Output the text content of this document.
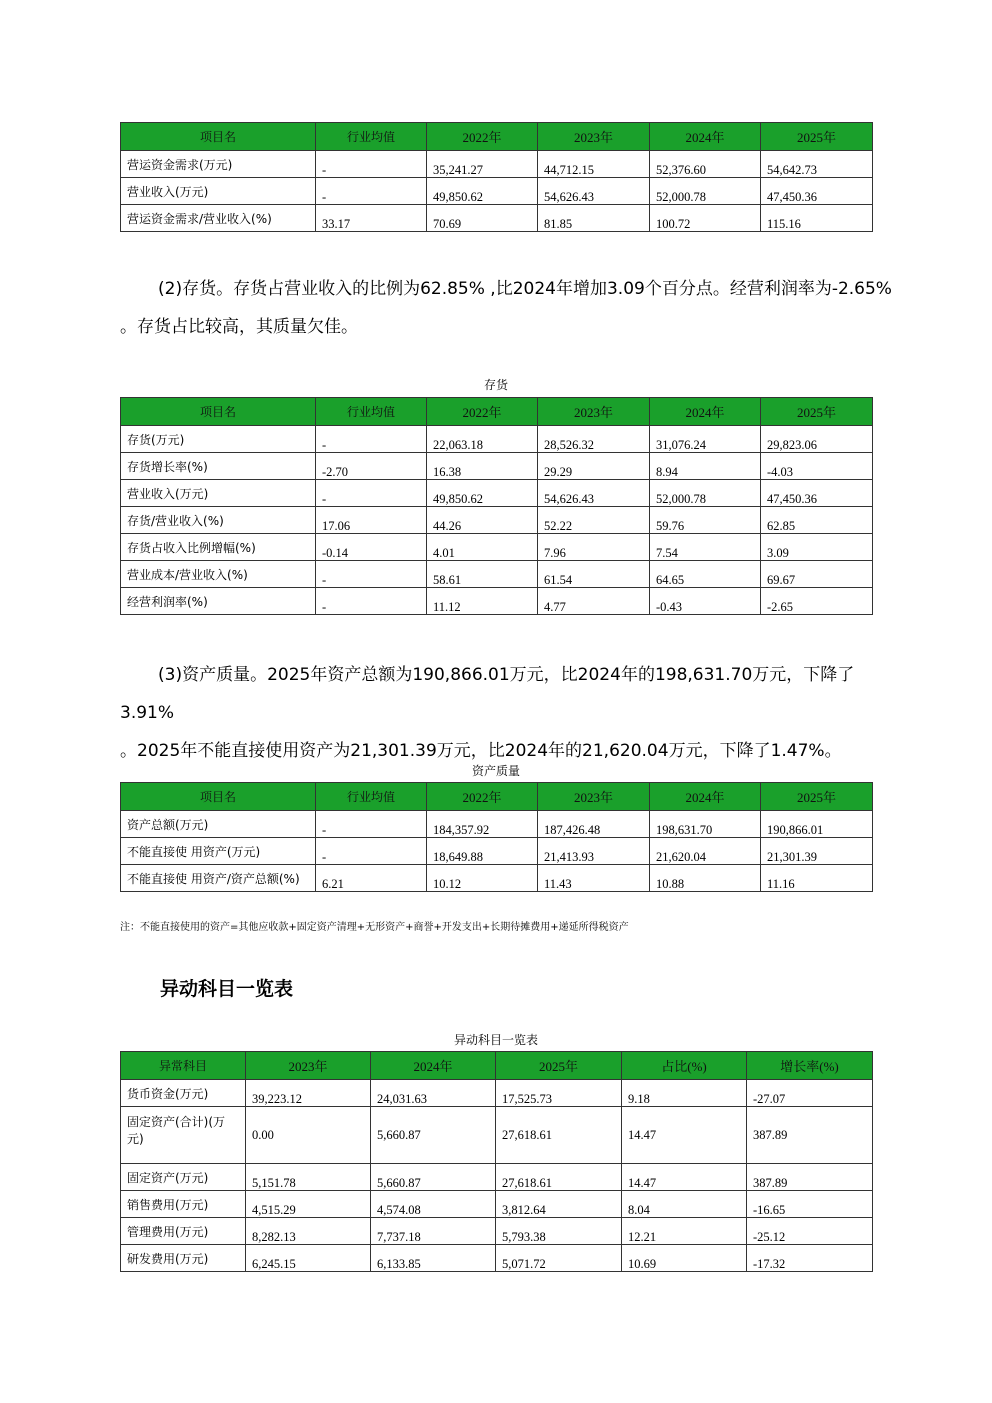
项目名	行业均值	2022年	2023年	2024年	2025年
营运资金需求(万元)	-	35,241.27	44,712.15	52,376.60	54,642.73
营业收入(万元)	-	49,850.62	54,626.43	52,000.78	47,450.36
营运资金需求/营业收入(%)	33.17	70.69	81.85	100.72	115.16
(2)存货。存货占营业收入的比例为62.85% ,比2024年增加3.09个百分点。经营利润率为-2.65%
。存货占比较高，其质量欠佳。
存货
项目名	行业均值	2022年	2023年	2024年	2025年
存货(万元)	-	22,063.18	28,526.32	31,076.24	29,823.06
存货增长率(%)	-2.70	16.38	29.29	8.94	-4.03
营业收入(万元)	-	49,850.62	54,626.43	52,000.78	47,450.36
存货/营业收入(%)	17.06	44.26	52.22	59.76	62.85
存货占收入比例增幅(%)	-0.14	4.01	7.96	7.54	3.09
营业成本/营业收入(%)	-	58.61	61.54	64.65	69.67
经营利润率(%)	-	11.12	4.77	-0.43	-2.65
(3)资产质量。2025年资产总额为190,866.01万元，比2024年的198,631.70万元，下降了3.91%
。2025年不能直接使用资产为21,301.39万元，比2024年的21,620.04万元，下降了1.47%。
资产质量
项目名	行业均值	2022年	2023年	2024年	2025年
资产总额(万元)	-	184,357.92	187,426.48	198,631.70	190,866.01
不能直接使 用资产(万元)	-	18,649.88	21,413.93	21,620.04	21,301.39
不能直接使 用资产/资产总额(%)	6.21	10.12	11.43	10.88	11.16
注：不能直接使用的资产=其他应收款+固定资产清理+无形资产+商誉+开发支出+长期待摊费用+递延所得税资产
异动科目一览表
异动科目一览表
异常科目	2023年	2024年	2025年	占比(%)	增长率(%)
货币资金(万元)	39,223.12	24,031.63	17,525.73	9.18	-27.07
固定资产(合计)(万元)	0.00	5,660.87	27,618.61	14.47	387.89
固定资产(万元)	5,151.78	5,660.87	27,618.61	14.47	387.89
销售费用(万元)	4,515.29	4,574.08	3,812.64	8.04	-16.65
管理费用(万元)	8,282.13	7,737.18	5,793.38	12.21	-25.12
研发费用(万元)	6,245.15	6,133.85	5,071.72	10.69	-17.32
